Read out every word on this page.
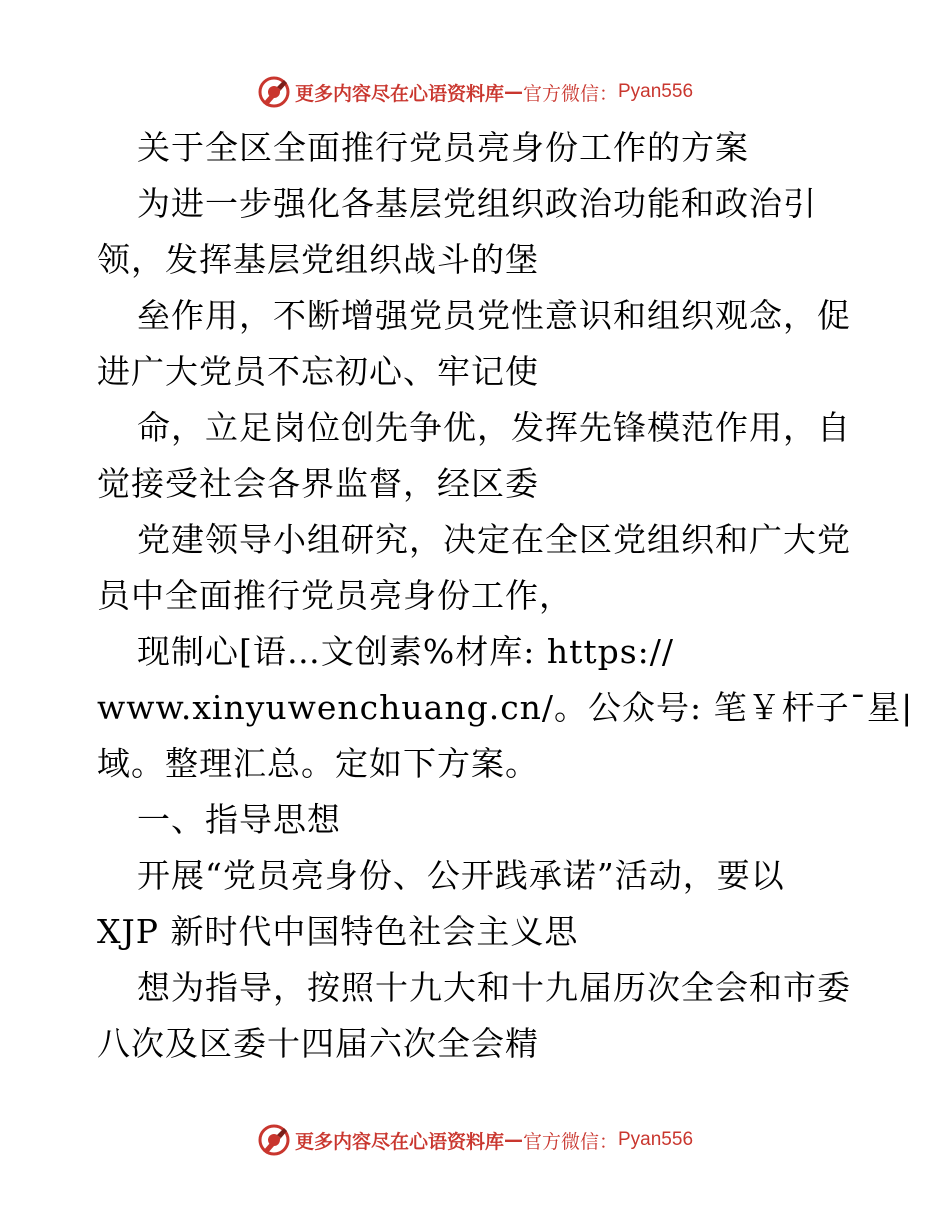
更多内容尽在心语资料库 — 官方微信： Pyan556
关于全区全面推行党员亮身份工作的方案
为进一步强化各基层党组织政治功能和政治引
领，发挥基层党组织战斗的堡
垒作用，不断增强党员党性意识和组织观念，促
进广大党员不忘初心、牢记使
命，立足岗位创先争优，发挥先锋模范作用，自
觉接受社会各界监督，经区委
党建领导小组研究，决定在全区党组织和广大党
员中全面推行党员亮身份工作，
现制心[语…文创素%材库: https://
www.xinyuwenchuang.cn/。公众号: 笔￥杆子¯星|
域。整理汇总。定如下方案。
一、指导思想
开展“党员亮身份、公开践承诺”活动，要以
XJP 新时代中国特色社会主义思
想为指导，按照十九大和十九届历次全会和市委
八次及区委十四届六次全会精
更多内容尽在心语资料库 — 官方微信： Pyan556
